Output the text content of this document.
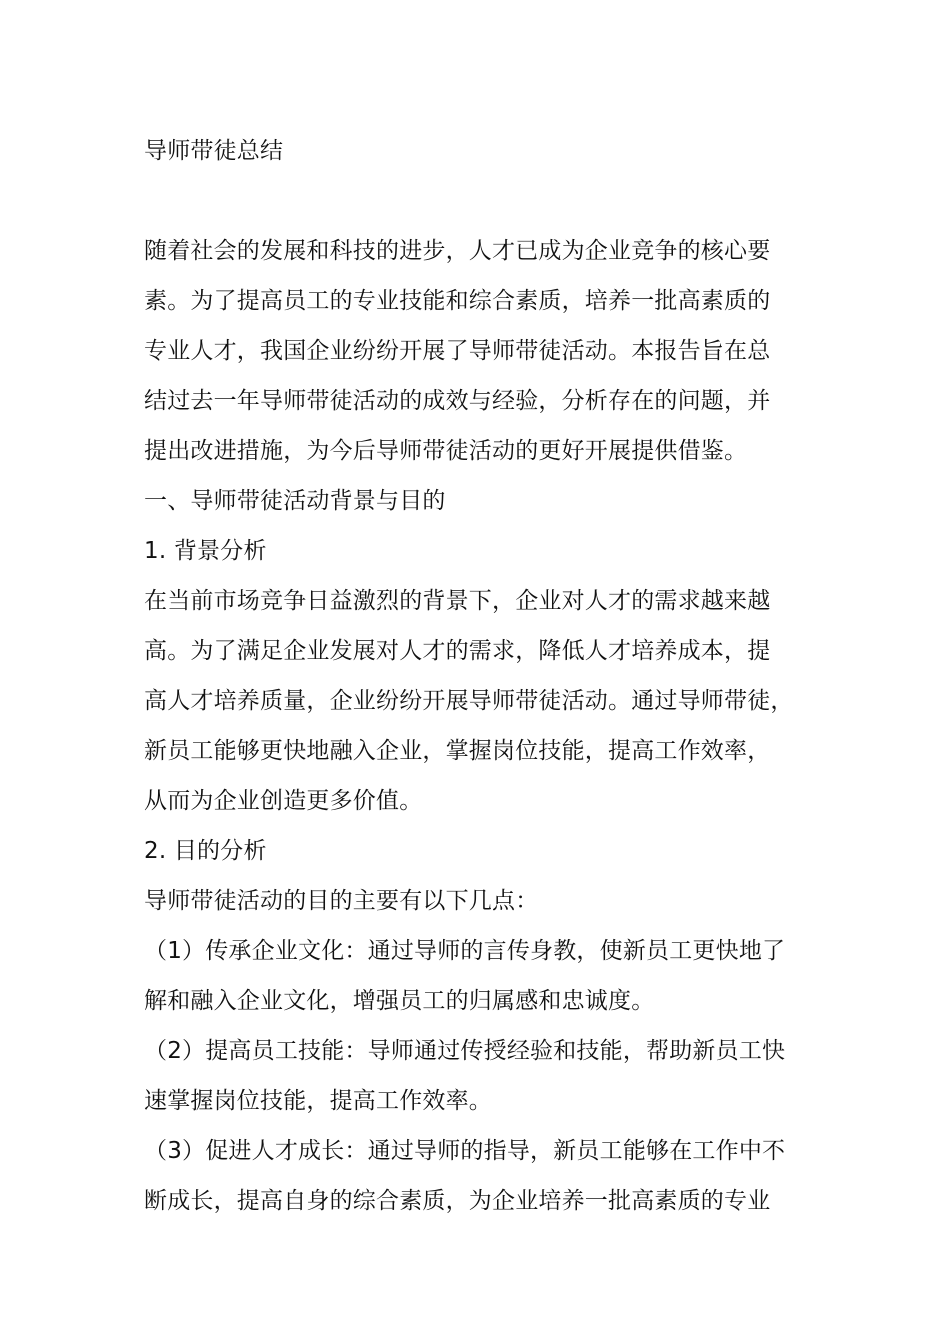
导师带徒总结
随着社会的发展和科技的进步，人才已成为企业竞争的核心要
素。为了提高员工的专业技能和综合素质，培养一批高素质的
专业人才，我国企业纷纷开展了导师带徒活动。本报告旨在总
结过去一年导师带徒活动的成效与经验，分析存在的问题，并
提出改进措施，为今后导师带徒活动的更好开展提供借鉴。
一、导师带徒活动背景与目的
1. 背景分析
在当前市场竞争日益激烈的背景下，企业对人才的需求越来越
高。为了满足企业发展对人才的需求，降低人才培养成本，提
高人才培养质量，企业纷纷开展导师带徒活动。通过导师带徒，
新员工能够更快地融入企业，掌握岗位技能，提高工作效率，
从而为企业创造更多价值。
2. 目的分析
导师带徒活动的目的主要有以下几点：
（1）传承企业文化：通过导师的言传身教，使新员工更快地了
解和融入企业文化，增强员工的归属感和忠诚度。
（2）提高员工技能：导师通过传授经验和技能，帮助新员工快
速掌握岗位技能，提高工作效率。
（3）促进人才成长：通过导师的指导，新员工能够在工作中不
断成长，提高自身的综合素质，为企业培养一批高素质的专业
